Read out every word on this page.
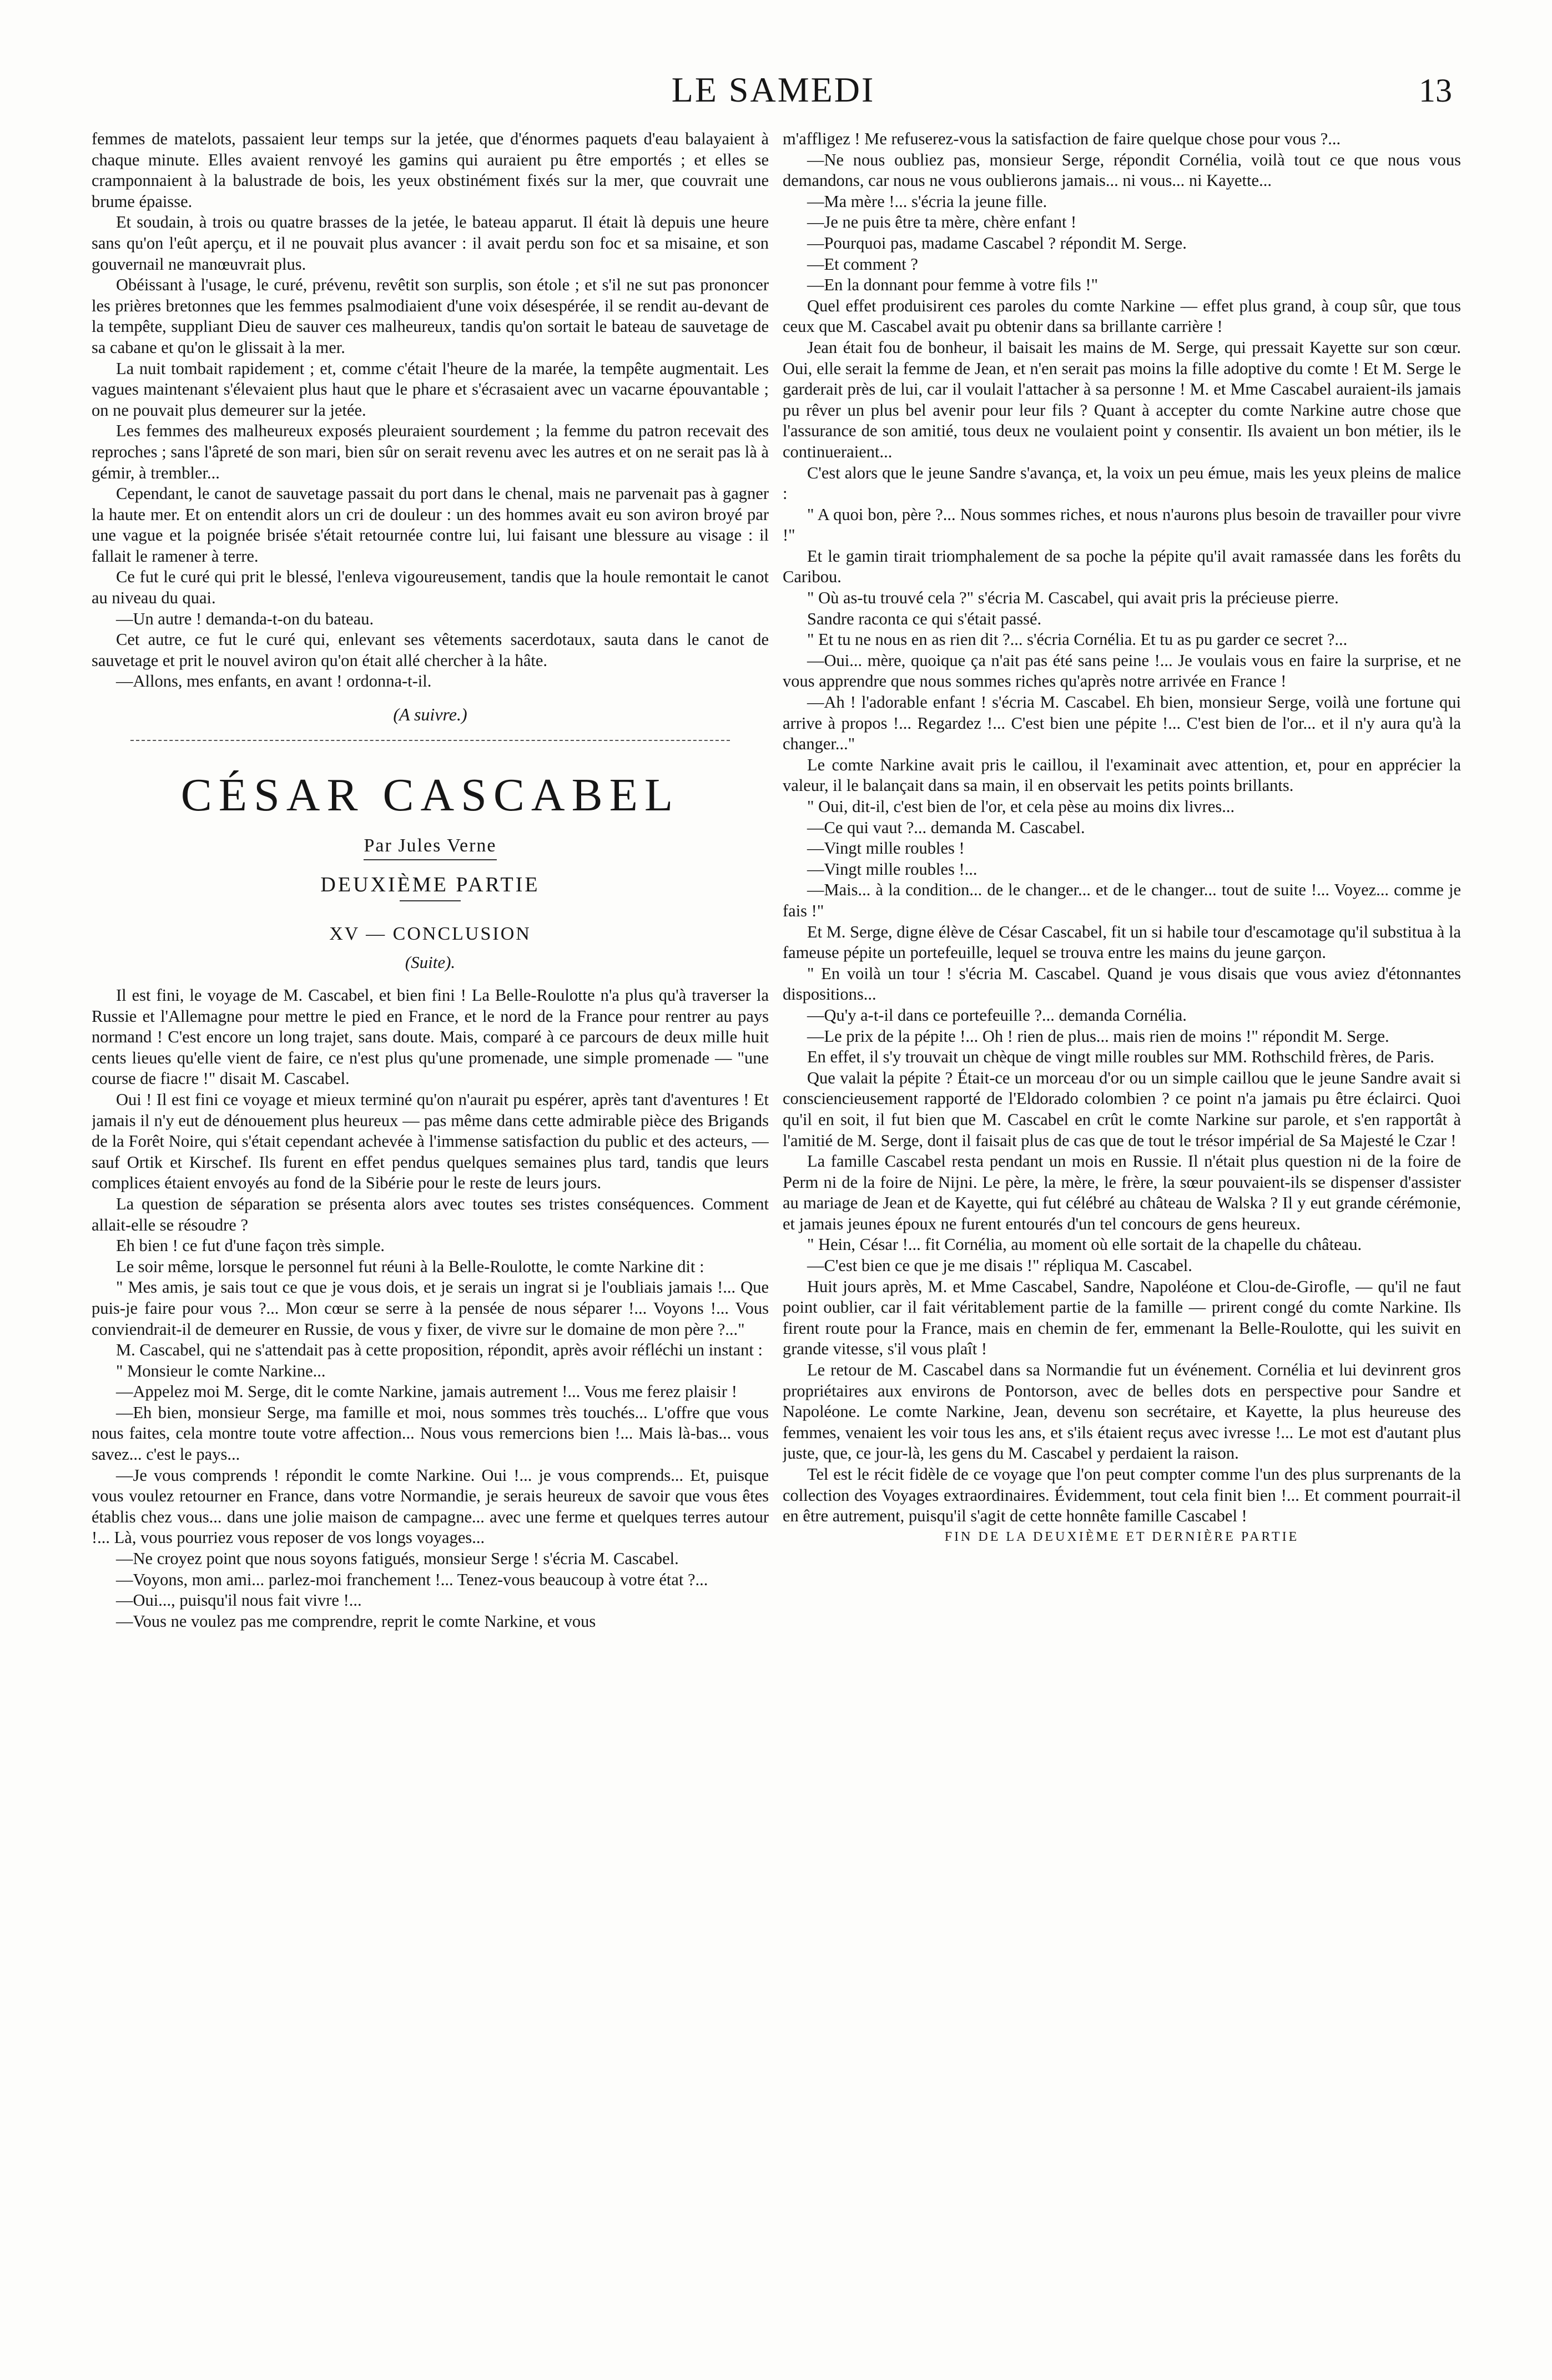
LE SAMEDI	13

femmes de matelots, passaient leur temps sur la jetée, que d'énormes paquets d'eau balayaient à chaque minute. Elles avaient renvoyé les gamins qui auraient pu être emportés ; et elles se cramponnaient à la balustrade de bois, les yeux obstinément fixés sur la mer, que couvrait une brume épaisse.

Et soudain, à trois ou quatre brasses de la jetée, le bateau apparut. Il était là depuis une heure sans qu'on l'eût aperçu, et il ne pouvait plus avancer : il avait perdu son foc et sa misaine, et son gouvernail ne manœuvrait plus.

Obéissant à l'usage, le curé, prévenu, revêtit son surplis, son étole ; et s'il ne sut pas prononcer les prières bretonnes que les femmes psalmodiaient d'une voix désespérée, il se rendit au-devant de la tempête, suppliant Dieu de sauver ces malheureux, tandis qu'on sortait le bateau de sauvetage de sa cabane et qu'on le glissait à la mer.

La nuit tombait rapidement ; et, comme c'était l'heure de la marée, la tempête augmentait. Les vagues maintenant s'élevaient plus haut que le phare et s'écrasaient avec un vacarne épouvantable ; on ne pouvait plus demeurer sur la jetée.

Les femmes des malheureux exposés pleuraient sourdement ; la femme du patron recevait des reproches ; sans l'âpreté de son mari, bien sûr on serait revenu avec les autres et on ne serait pas là à gémir, à trembler...

Cependant, le canot de sauvetage passait du port dans le chenal, mais ne parvenait pas à gagner la haute mer. Et on entendit alors un cri de douleur : un des hommes avait eu son aviron broyé par une vague et la poignée brisée s'était retournée contre lui, lui faisant une blessure au visage : il fallait le ramener à terre.

Ce fut le curé qui prit le blessé, l'enleva vigoureusement, tandis que la houle remontait le canot au niveau du quai.

—Un autre ! demanda-t-on du bateau.

Cet autre, ce fut le curé qui, enlevant ses vêtements sacerdotaux, sauta dans le canot de sauvetage et prit le nouvel aviron qu'on était allé chercher à la hâte.

—Allons, mes enfants, en avant ! ordonna-t-il.

(A suivre.)

CÉSAR CASCABEL
Par Jules Verne
DEUXIÈME PARTIE
XV — CONCLUSION
(Suite).

Il est fini, le voyage de M. Cascabel, et bien fini ! La Belle-Roulotte n'a plus qu'à traverser la Russie et l'Allemagne pour mettre le pied en France, et le nord de la France pour rentrer au pays normand ! C'est encore un long trajet, sans doute. Mais, comparé à ce parcours de deux mille huit cents lieues qu'elle vient de faire, ce n'est plus qu'une promenade, une simple promenade — "une course de fiacre !" disait M. Cascabel.

Oui ! Il est fini ce voyage et mieux terminé qu'on n'aurait pu espérer, après tant d'aventures ! Et jamais il n'y eut de dénouement plus heureux — pas même dans cette admirable pièce des Brigands de la Forêt Noire, qui s'était cependant achevée à l'immense satisfaction du public et des acteurs, — sauf Ortik et Kirschef. Ils furent en effet pendus quelques semaines plus tard, tandis que leurs complices étaient envoyés au fond de la Sibérie pour le reste de leurs jours.

La question de séparation se présenta alors avec toutes ses tristes conséquences. Comment allait-elle se résoudre ?

Eh bien ! ce fut d'une façon très simple.

Le soir même, lorsque le personnel fut réuni à la Belle-Roulotte, le comte Narkine dit :

" Mes amis, je sais tout ce que je vous dois, et je serais un ingrat si je l'oubliais jamais !... Que puis-je faire pour vous ?... Mon cœur se serre à la pensée de nous séparer !... Voyons !... Vous conviendrait-il de demeurer en Russie, de vous y fixer, de vivre sur le domaine de mon père ?..."

M. Cascabel, qui ne s'attendait pas à cette proposition, répondit, après avoir réfléchi un instant :

" Monsieur le comte Narkine...

—Appelez moi M. Serge, dit le comte Narkine, jamais autrement !... Vous me ferez plaisir !

—Eh bien, monsieur Serge, ma famille et moi, nous sommes très touchés... L'offre que vous nous faites, cela montre toute votre affection... Nous vous remercions bien !... Mais là-bas... vous savez... c'est le pays...

—Je vous comprends ! répondit le comte Narkine. Oui !... je vous comprends... Et, puisque vous voulez retourner en France, dans votre Normandie, je serais heureux de savoir que vous êtes établis chez vous... dans une jolie maison de campagne... avec une ferme et quelques terres autour !... Là, vous pourriez vous reposer de vos longs voyages...

—Ne croyez point que nous soyons fatigués, monsieur Serge ! s'écria M. Cascabel.

—Voyons, mon ami... parlez-moi franchement !... Tenez-vous beaucoup à votre état ?...

—Oui..., puisqu'il nous fait vivre !...

—Vous ne voulez pas me comprendre, reprit le comte Narkine, et vous

m'affligez ! Me refuserez-vous la satisfaction de faire quelque chose pour vous ?...

—Ne nous oubliez pas, monsieur Serge, répondit Cornélia, voilà tout ce que nous vous demandons, car nous ne vous oublierons jamais... ni vous... ni Kayette...

—Ma mère !... s'écria la jeune fille.

—Je ne puis être ta mère, chère enfant !

—Pourquoi pas, madame Cascabel ? répondit M. Serge.

—Et comment ?

—En la donnant pour femme à votre fils !"

Quel effet produisirent ces paroles du comte Narkine — effet plus grand, à coup sûr, que tous ceux que M. Cascabel avait pu obtenir dans sa brillante carrière !

Jean était fou de bonheur, il baisait les mains de M. Serge, qui pressait Kayette sur son cœur. Oui, elle serait la femme de Jean, et n'en serait pas moins la fille adoptive du comte ! Et M. Serge le garderait près de lui, car il voulait l'attacher à sa personne ! M. et Mme Cascabel auraient-ils jamais pu rêver un plus bel avenir pour leur fils ? Quant à accepter du comte Narkine autre chose que l'assurance de son amitié, tous deux ne voulaient point y consentir. Ils avaient un bon métier, ils le continueraient...

C'est alors que le jeune Sandre s'avança, et, la voix un peu émue, mais les yeux pleins de malice :

" A quoi bon, père ?... Nous sommes riches, et nous n'aurons plus besoin de travailler pour vivre !"

Et le gamin tirait triomphalement de sa poche la pépite qu'il avait ramassée dans les forêts du Caribou.

" Où as-tu trouvé cela ?" s'écria M. Cascabel, qui avait pris la précieuse pierre.

Sandre raconta ce qui s'était passé.

" Et tu ne nous en as rien dit ?... s'écria Cornélia. Et tu as pu garder ce secret ?...

—Oui... mère, quoique ça n'ait pas été sans peine !... Je voulais vous en faire la surprise, et ne vous apprendre que nous sommes riches qu'après notre arrivée en France !

—Ah ! l'adorable enfant ! s'écria M. Cascabel. Eh bien, monsieur Serge, voilà une fortune qui arrive à propos !... Regardez !... C'est bien une pépite !... C'est bien de l'or... et il n'y aura qu'à la changer..."

Le comte Narkine avait pris le caillou, il l'examinait avec attention, et, pour en apprécier la valeur, il le balançait dans sa main, il en observait les petits points brillants.

" Oui, dit-il, c'est bien de l'or, et cela pèse au moins dix livres...

—Ce qui vaut ?... demanda M. Cascabel.

—Vingt mille roubles !

—Vingt mille roubles !...

—Mais... à la condition... de le changer... et de le changer... tout de suite !... Voyez... comme je fais !"

Et M. Serge, digne élève de César Cascabel, fit un si habile tour d'escamotage qu'il substitua à la fameuse pépite un portefeuille, lequel se trouva entre les mains du jeune garçon.

" En voilà un tour ! s'écria M. Cascabel. Quand je vous disais que vous aviez d'étonnantes dispositions...

—Qu'y a-t-il dans ce portefeuille ?... demanda Cornélia.

—Le prix de la pépite !... Oh ! rien de plus... mais rien de moins !" répondit M. Serge.

En effet, il s'y trouvait un chèque de vingt mille roubles sur MM. Rothschild frères, de Paris.

Que valait la pépite ? Était-ce un morceau d'or ou un simple caillou que le jeune Sandre avait si consciencieusement rapporté de l'Eldorado colombien ? ce point n'a jamais pu être éclairci. Quoi qu'il en soit, il fut bien que M. Cascabel en crût le comte Narkine sur parole, et s'en rapportât à l'amitié de M. Serge, dont il faisait plus de cas que de tout le trésor impérial de Sa Majesté le Czar !

La famille Cascabel resta pendant un mois en Russie. Il n'était plus question ni de la foire de Perm ni de la foire de Nijni. Le père, la mère, le frère, la sœur pouvaient-ils se dispenser d'assister au mariage de Jean et de Kayette, qui fut célébré au château de Walska ? Il y eut grande cérémonie, et jamais jeunes époux ne furent entourés d'un tel concours de gens heureux.

" Hein, César !... fit Cornélia, au moment où elle sortait de la chapelle du château.

—C'est bien ce que je me disais !" répliqua M. Cascabel.

Huit jours après, M. et Mme Cascabel, Sandre, Napoléone et Clou-de-Girofle, — qu'il ne faut point oublier, car il fait véritablement partie de la famille — prirent congé du comte Narkine. Ils firent route pour la France, mais en chemin de fer, emmenant la Belle-Roulotte, qui les suivit en grande vitesse, s'il vous plaît !

Le retour de M. Cascabel dans sa Normandie fut un événement. Cornélia et lui devinrent gros propriétaires aux environs de Pontorson, avec de belles dots en perspective pour Sandre et Napoléone. Le comte Narkine, Jean, devenu son secrétaire, et Kayette, la plus heureuse des femmes, venaient les voir tous les ans, et s'ils étaient reçus avec ivresse !... Le mot est d'autant plus juste, que, ce jour-là, les gens du M. Cascabel y perdaient la raison.

Tel est le récit fidèle de ce voyage que l'on peut compter comme l'un des plus surprenants de la collection des Voyages extraordinaires. Évidemment, tout cela finit bien !... Et comment pourrait-il en être autrement, puisqu'il s'agit de cette honnête famille Cascabel !

FIN DE LA DEUXIÈME ET DERNIÈRE PARTIE
